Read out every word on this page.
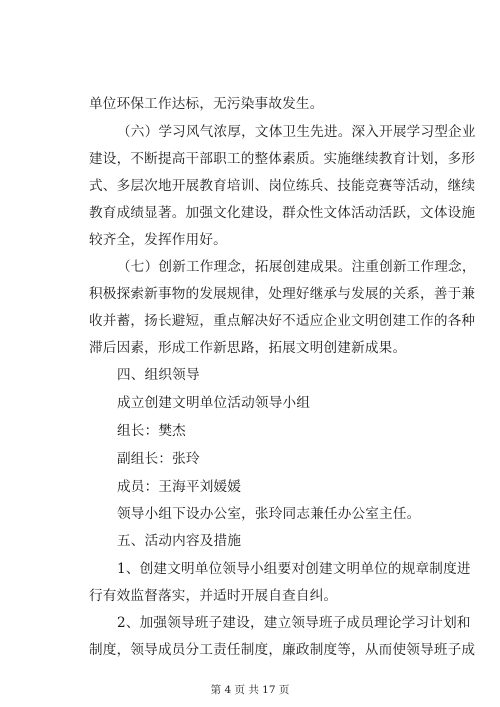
单位环保工作达标，无污染事故发生。
（六）学习风气浓厚，文体卫生先进。深入开展学习型企业
建设，不断提高干部职工的整体素质。实施继续教育计划，多形
式、多层次地开展教育培训、岗位练兵、技能竞赛等活动，继续
教育成绩显著。加强文化建设，群众性文体活动活跃，文体设施
较齐全，发挥作用好。
（七）创新工作理念，拓展创建成果。注重创新工作理念，
积极探索新事物的发展规律，处理好继承与发展的关系，善于兼
收并蓄，扬长避短，重点解决好不适应企业文明创建工作的各种
滞后因素，形成工作新思路，拓展文明创建新成果。
四、组织领导
成立创建文明单位活动领导小组
组长：樊杰
副组长：张玲
成员：王海平刘媛媛
领导小组下设办公室，张玲同志兼任办公室主任。
五、活动内容及措施
1、创建文明单位领导小组要对创建文明单位的规章制度进
行有效监督落实，并适时开展自查自纠。
2、加强领导班子建设，建立领导班子成员理论学习计划和
制度，领导成员分工责任制度，廉政制度等，从而使领导班子成
第 4 页 共 17 页
